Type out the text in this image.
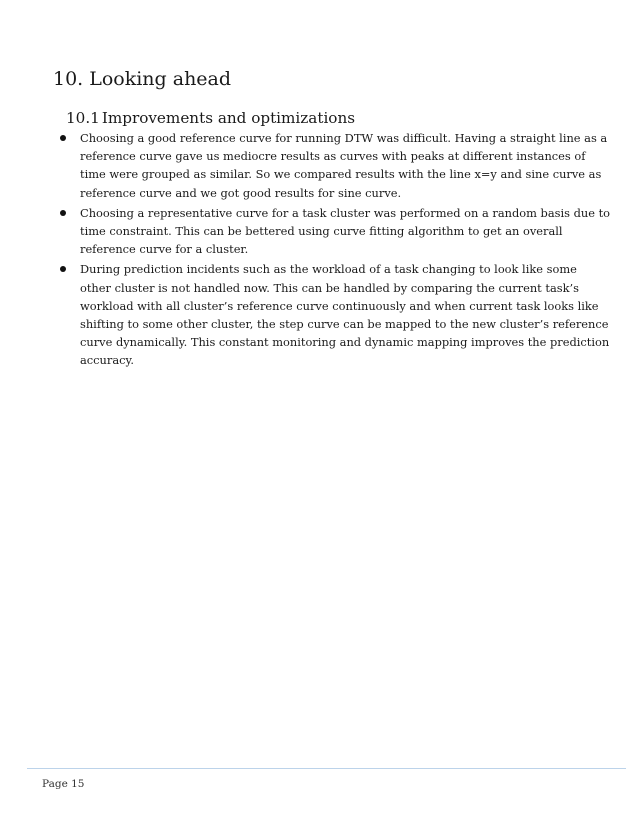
10. Looking ahead
10.1 Improvements and optimizations
Choosing a good reference curve for running DTW was difficult. Having a straight line as a reference curve gave us mediocre results as curves with peaks at different instances of time were grouped as similar. So we compared results with the line x=y and sine curve as reference curve and we got good results for sine curve.
Choosing a representative curve for a task cluster was performed on a random basis due to time constraint. This can be bettered using curve fitting algorithm to get an overall reference curve for a cluster.
During prediction incidents such as the workload of a task changing to look like some other cluster is not handled now. This can be handled by comparing the current task’s workload with all cluster’s reference curve continuously and when current task looks like shifting to some other cluster, the step curve can be mapped to the new cluster’s reference curve dynamically. This constant monitoring and dynamic mapping improves the prediction accuracy.
Page 15
